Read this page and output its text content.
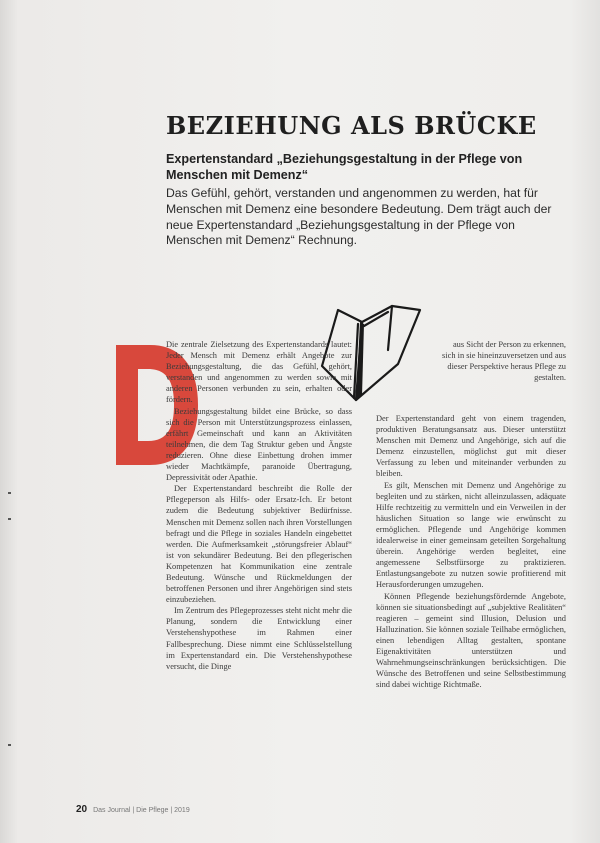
BEZIEHUNG ALS BRÜCKE

Expertenstandard „Beziehungsgestaltung in der Pflege von Menschen mit Demenz“

Das Gefühl, gehört, verstanden und angenommen zu werden, hat für Menschen mit Demenz eine besondere Bedeutung. Dem trägt auch der neue Expertenstandard „Beziehungsgestaltung in der Pflege von Menschen mit Demenz“ Rechnung.

Die zentrale Zielsetzung des Expertenstandards lautet: Jeder Mensch mit Demenz erhält Angebote zur Beziehungsgestaltung, die das Gefühl, gehört, verstanden und angenommen zu werden sowie mit anderen Personen verbunden zu sein, erhalten oder fördern.

Beziehungsgestaltung bildet eine Brücke, so dass sich die Person mit Unterstützungsprozess einlassen, erfährt Gemeinschaft und kann an Aktivitäten teilnehmen, die dem Tag Struktur geben und Ängste reduzieren. Ohne diese Einbettung drohen immer wieder Machtkämpfe, paranoide Übertragung, Depressivität oder Apathie.

Der Expertenstandard beschreibt die Rolle der Pflegeperson als Hilfs- oder Ersatz-Ich. Er betont zudem die Bedeutung subjektiver Bedürfnisse. Menschen mit Demenz sollen nach ihren Vorstellungen befragt und die Pflege in soziales Handeln eingebettet werden. Die Aufmerksamkeit „störungsfreier Ablauf“ ist von sekundärer Bedeutung. Bei den pflegerischen Kompetenzen hat Kommunikation eine zentrale Bedeutung. Wünsche und Rückmeldungen der betroffenen Personen und ihrer Angehörigen sind stets einzubeziehen.

Im Zentrum des Pflegeprozesses steht nicht mehr die Planung, sondern die Entwicklung einer Verstehenshypothese im Rahmen einer Fallbesprechung. Diese nimmt eine Schlüsselstellung im Expertenstandard ein. Die Verstehenshypothese versucht, die Dinge

aus Sicht der Person zu erkennen, sich in sie hineinzuversetzen und aus dieser Perspektive heraus Pflege zu gestalten.

Der Expertenstandard geht von einem tragenden, produktiven Beratungsansatz aus. Dieser unterstützt Menschen mit Demenz und Angehörige, sich auf die Demenz einzustellen, möglichst gut mit dieser Verfassung zu leben und miteinander verbunden zu bleiben.

Es gilt, Menschen mit Demenz und Angehörige zu begleiten und zu stärken, nicht alleinzulassen, adäquate Hilfe rechtzeitig zu vermitteln und ein Verweilen in der häuslichen Situation so lange wie erwünscht zu ermöglichen. Pflegende und Angehörige kommen idealerweise in einer gemeinsam geteilten Sorgehaltung überein. Angehörige werden begleitet, eine angemessene Selbstfürsorge zu praktizieren. Entlastungsangebote zu nutzen sowie profitierend mit Herausforderungen umzugehen.

Können Pflegende beziehungsfördernde Angebote, können sie situationsbedingt auf „subjektive Realitäten“ reagieren – gemeint sind Illusion, Delusion und Halluzination. Sie können soziale Teilhabe ermöglichen, einen lebendigen Alltag gestalten, spontane Eigenaktivitäten unterstützen und Wahrnehmungseinschränkungen berücksichtigen. Die Wünsche des Betroffenen und seine Selbstbestimmung sind dabei wichtige Richtmaße.

20 Das Journal | Die Pflege | 2019
